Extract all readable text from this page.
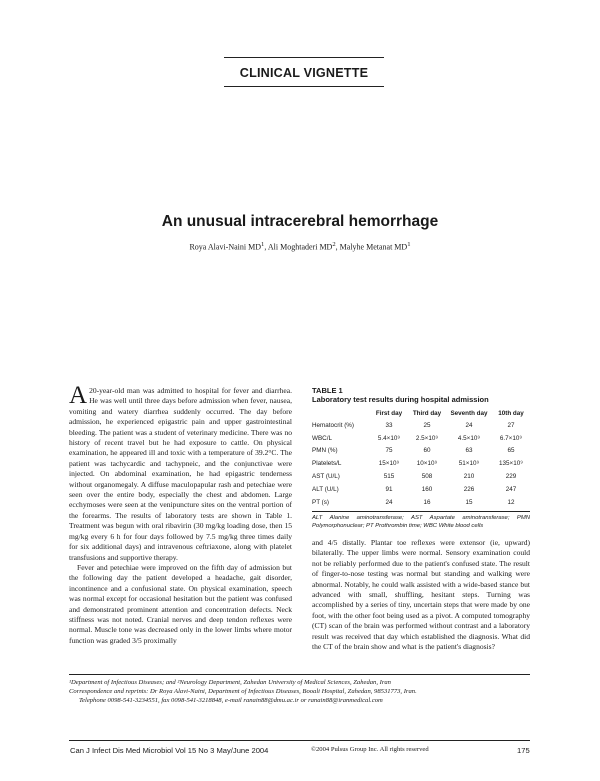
CLINICAL VIGNETTE
An unusual intracerebral hemorrhage
Roya Alavi-Naini $MD^1$, Ali Moghtaderi $MD^2$, Malyhe Metanat $MD^1$

A 20-year-old man was admitted to hospital for fever and diarrhea. He was well until three days before admission when fever, nausea, vomiting and watery diarrhea suddenly occurred. The day before admission, he experienced epigastric pain and upper gastrointestinal bleeding. The patient was a student of veterinary medicine. There was no history of recent travel but he had exposure to cattle. On physical examination, he appeared ill and toxic with a temperature of 39.2°C. The patient was tachycardic and tachypneic, and the conjunctivae were injected. On abdominal examination, he had epigastric tenderness without organomegaly. A diffuse maculopapular rash and petechiae were seen over the entire body, especially the chest and abdomen. Large ecchymoses were seen at the venipuncture sites on the ventral portion of the forearms. The results of laboratory tests are shown in Table 1. Treatment was begun with oral ribavirin (30 mg/kg loading dose, then 15 mg/kg every 6 h for four days followed by 7.5 mg/kg three times daily for six additional days) and intravenous ceftriaxone, along with platelet transfusions and supportive therapy.

Fever and petechiae were improved on the fifth day of admission but the following day the patient developed a headache, gait disorder, incontinence and a confusional state. On physical examination, speech was normal except for occasional hesitation but the patient was confused and demonstrated prominent attention and concentration defects. Neck stiffness was not noted. Cranial nerves and deep tendon reflexes were normal. Muscle tone was decreased only in the lower limbs where motor function was graded 3/5 proximally

TABLE 1
Laboratory test results during hospital admission
	First day	Third day	Seventh day	10th day
Hematocrit (%)	33	25	24	27
WBC/L	5.4×10⁹	2.5×10⁹	4.5×10⁹	6.7×10⁹
PMN (%)	75	60	63	65
Platelets/L	15×10⁹	10×10⁹	51×10⁹	135×10⁹
AST (U/L)	515	508	210	229
ALT (U/L)	91	160	226	247
PT (s)	24	16	15	12
ALT Alanine aminotransferase; AST Aspartate aminotransferase; PMN Polymorphonuclear; PT Prothrombin time; WBC White blood cells

and 4/5 distally. Plantar toe reflexes were extensor (ie, upward) bilaterally. The upper limbs were normal. Sensory examination could not be reliably performed due to the patient's confused state. The result of finger-to-nose testing was normal but standing and walking were abnormal. Notably, he could walk assisted with a wide-based stance but advanced with small, shuffling, hesitant steps. Turning was accomplished by a series of tiny, uncertain steps that were made by one foot, with the other foot being used as a pivot. A computed tomography (CT) scan of the brain was performed without contrast and a laboratory result was received that day which established the diagnosis. What did the CT of the brain show and what is the patient's diagnosis?

¹Department of Infectious Diseases; and ²Neurology Department, Zahedan University of Medical Sciences, Zahedan, Iran

Correspondence and reprints: Dr Roya Alavi-Naini, Department of Infectious Diseases, Booali Hospital, Zahedan, 98531773, Iran.

Telephone 0098-541-3234551, fax 0098-541-3218848, e-mail ranain88@dmu.ac.ir or ranain88@iranmedical.com

Can J Infect Dis Med Microbiol Vol 15 No 3 May/June 2004	©2004 Pulsus Group Inc. All rights reserved	175
